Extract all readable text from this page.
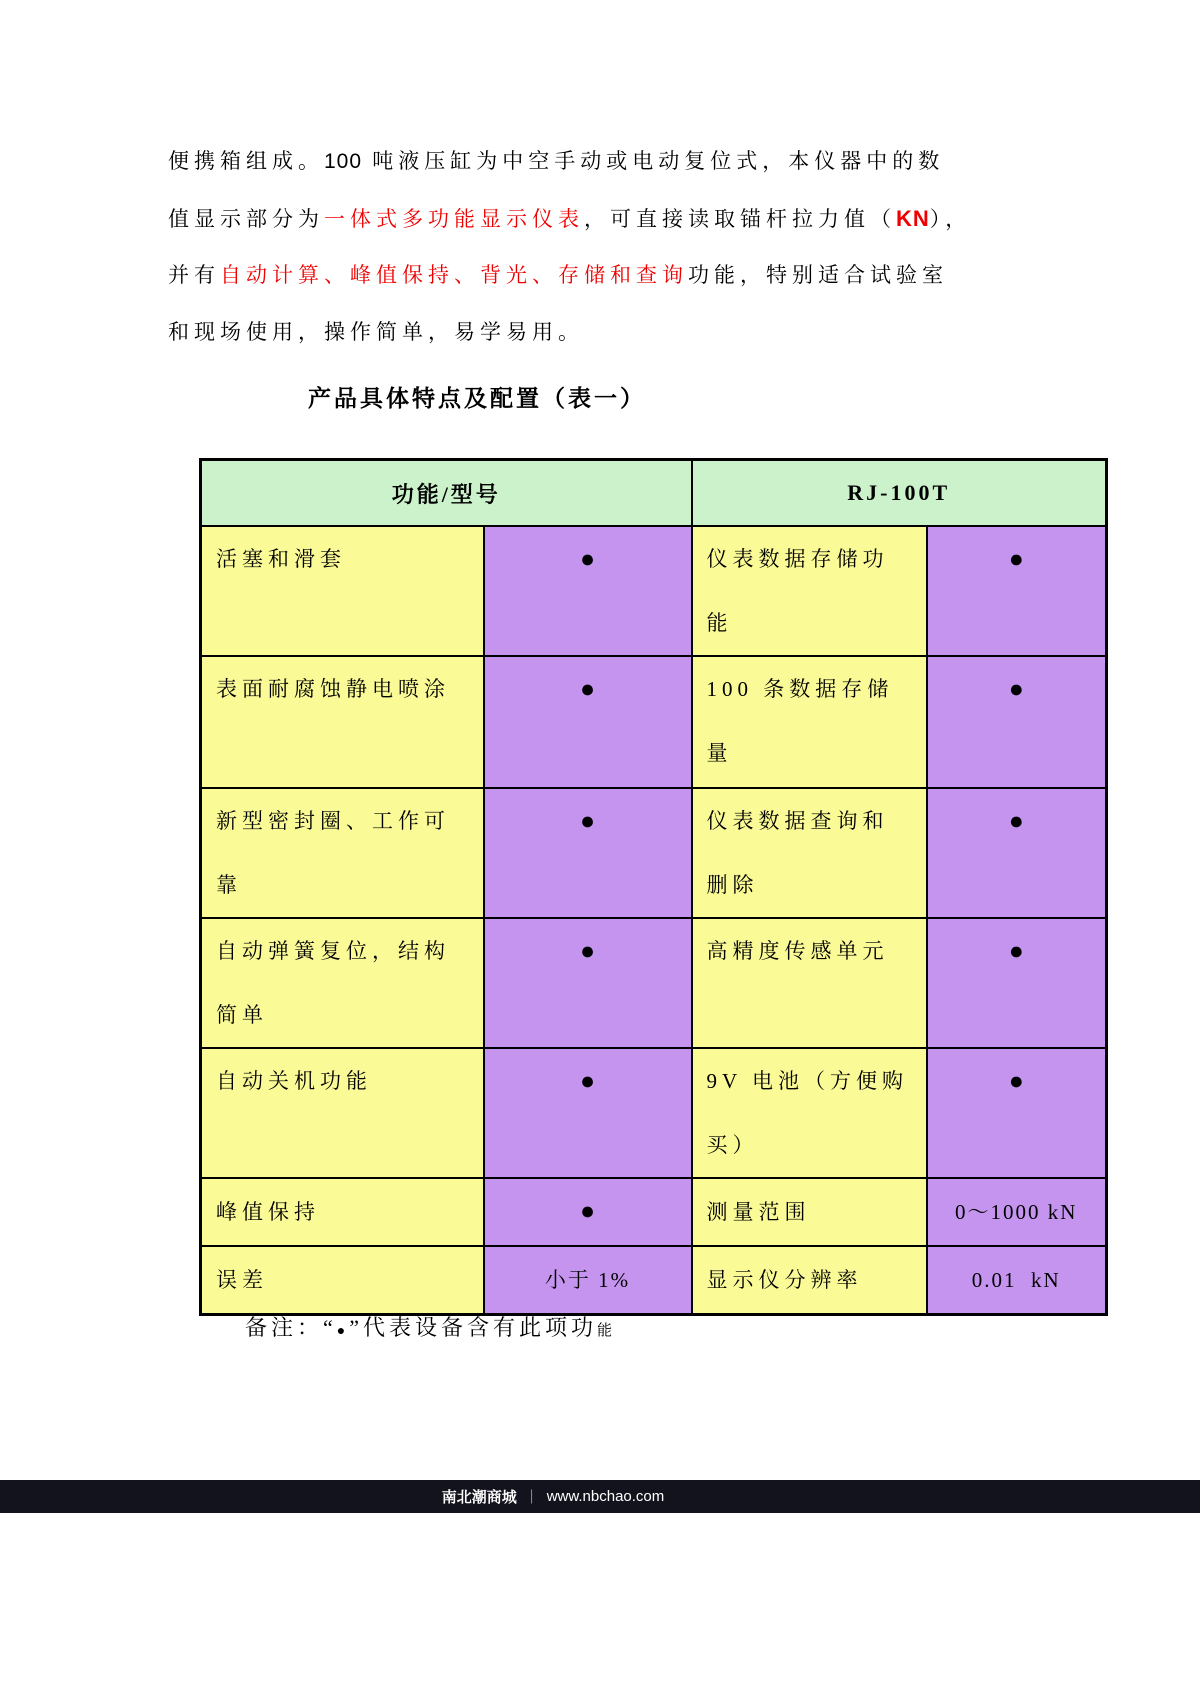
便携箱组成。100 吨液压缸为中空手动或电动复位式，本仪器中的数
值显示部分为一体式多功能显示仪表，可直接读取锚杆拉力值（KN），
并有自动计算、峰值保持、背光、存储和查询功能，特别适合试验室
和现场使用，操作简单，易学易用。
产品具体特点及配置（表一）
功能/型号		RJ-100T	
活塞和滑套	●	仪表数据存储功能	●
表面耐腐蚀静电喷涂	●	100 条数据存储量	●
新型密封圈、工作可靠	●	仪表数据查询和删除	●
自动弹簧复位，结构简单	●	高精度传感单元	●
自动关机功能	●	9V 电池（方便购买）	●
峰值保持	●	测量范围	0～1000 kN
误差	小于 1%	显示仪分辨率	0.01  kN
备注：“●”代表设备含有此项功能
南北潮商城 ｜ www.nbchao.com
